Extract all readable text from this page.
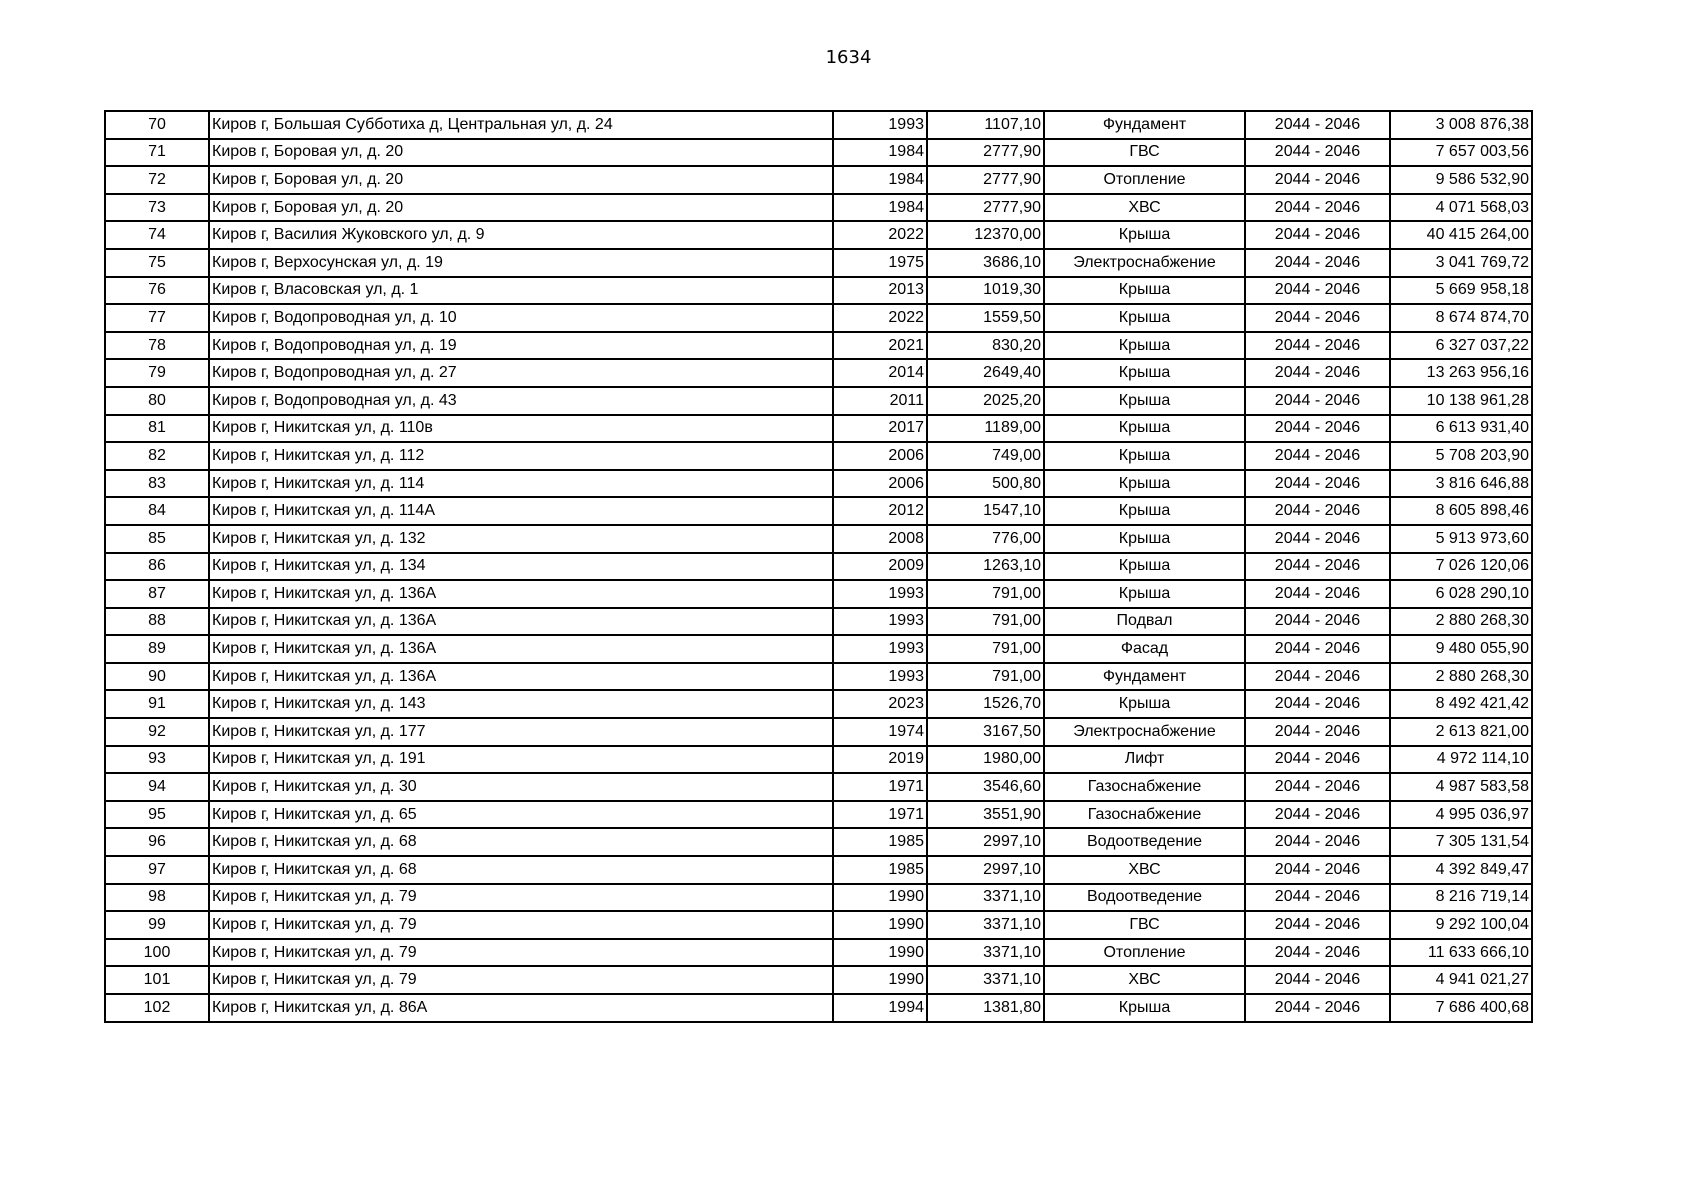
1634
70	Киров г, Большая Субботиха д, Центральная ул, д. 24	1993	1107,10	Фундамент	2044 - 2046	3 008 876,38
71	Киров г, Боровая ул, д. 20	1984	2777,90	ГВС	2044 - 2046	7 657 003,56
72	Киров г, Боровая ул, д. 20	1984	2777,90	Отопление	2044 - 2046	9 586 532,90
73	Киров г, Боровая ул, д. 20	1984	2777,90	ХВС	2044 - 2046	4 071 568,03
74	Киров г, Василия Жуковского ул, д. 9	2022	12370,00	Крыша	2044 - 2046	40 415 264,00
75	Киров г, Верхосунская ул, д. 19	1975	3686,10	Электроснабжение	2044 - 2046	3 041 769,72
76	Киров г, Власовская ул, д. 1	2013	1019,30	Крыша	2044 - 2046	5 669 958,18
77	Киров г, Водопроводная ул, д. 10	2022	1559,50	Крыша	2044 - 2046	8 674 874,70
78	Киров г, Водопроводная ул, д. 19	2021	830,20	Крыша	2044 - 2046	6 327 037,22
79	Киров г, Водопроводная ул, д. 27	2014	2649,40	Крыша	2044 - 2046	13 263 956,16
80	Киров г, Водопроводная ул, д. 43	2011	2025,20	Крыша	2044 - 2046	10 138 961,28
81	Киров г, Никитская ул, д. 110в	2017	1189,00	Крыша	2044 - 2046	6 613 931,40
82	Киров г, Никитская ул, д. 112	2006	749,00	Крыша	2044 - 2046	5 708 203,90
83	Киров г, Никитская ул, д. 114	2006	500,80	Крыша	2044 - 2046	3 816 646,88
84	Киров г, Никитская ул, д. 114А	2012	1547,10	Крыша	2044 - 2046	8 605 898,46
85	Киров г, Никитская ул, д. 132	2008	776,00	Крыша	2044 - 2046	5 913 973,60
86	Киров г, Никитская ул, д. 134	2009	1263,10	Крыша	2044 - 2046	7 026 120,06
87	Киров г, Никитская ул, д. 136А	1993	791,00	Крыша	2044 - 2046	6 028 290,10
88	Киров г, Никитская ул, д. 136А	1993	791,00	Подвал	2044 - 2046	2 880 268,30
89	Киров г, Никитская ул, д. 136А	1993	791,00	Фасад	2044 - 2046	9 480 055,90
90	Киров г, Никитская ул, д. 136А	1993	791,00	Фундамент	2044 - 2046	2 880 268,30
91	Киров г, Никитская ул, д. 143	2023	1526,70	Крыша	2044 - 2046	8 492 421,42
92	Киров г, Никитская ул, д. 177	1974	3167,50	Электроснабжение	2044 - 2046	2 613 821,00
93	Киров г, Никитская ул, д. 191	2019	1980,00	Лифт	2044 - 2046	4 972 114,10
94	Киров г, Никитская ул, д. 30	1971	3546,60	Газоснабжение	2044 - 2046	4 987 583,58
95	Киров г, Никитская ул, д. 65	1971	3551,90	Газоснабжение	2044 - 2046	4 995 036,97
96	Киров г, Никитская ул, д. 68	1985	2997,10	Водоотведение	2044 - 2046	7 305 131,54
97	Киров г, Никитская ул, д. 68	1985	2997,10	ХВС	2044 - 2046	4 392 849,47
98	Киров г, Никитская ул, д. 79	1990	3371,10	Водоотведение	2044 - 2046	8 216 719,14
99	Киров г, Никитская ул, д. 79	1990	3371,10	ГВС	2044 - 2046	9 292 100,04
100	Киров г, Никитская ул, д. 79	1990	3371,10	Отопление	2044 - 2046	11 633 666,10
101	Киров г, Никитская ул, д. 79	1990	3371,10	ХВС	2044 - 2046	4 941 021,27
102	Киров г, Никитская ул, д. 86А	1994	1381,80	Крыша	2044 - 2046	7 686 400,68
